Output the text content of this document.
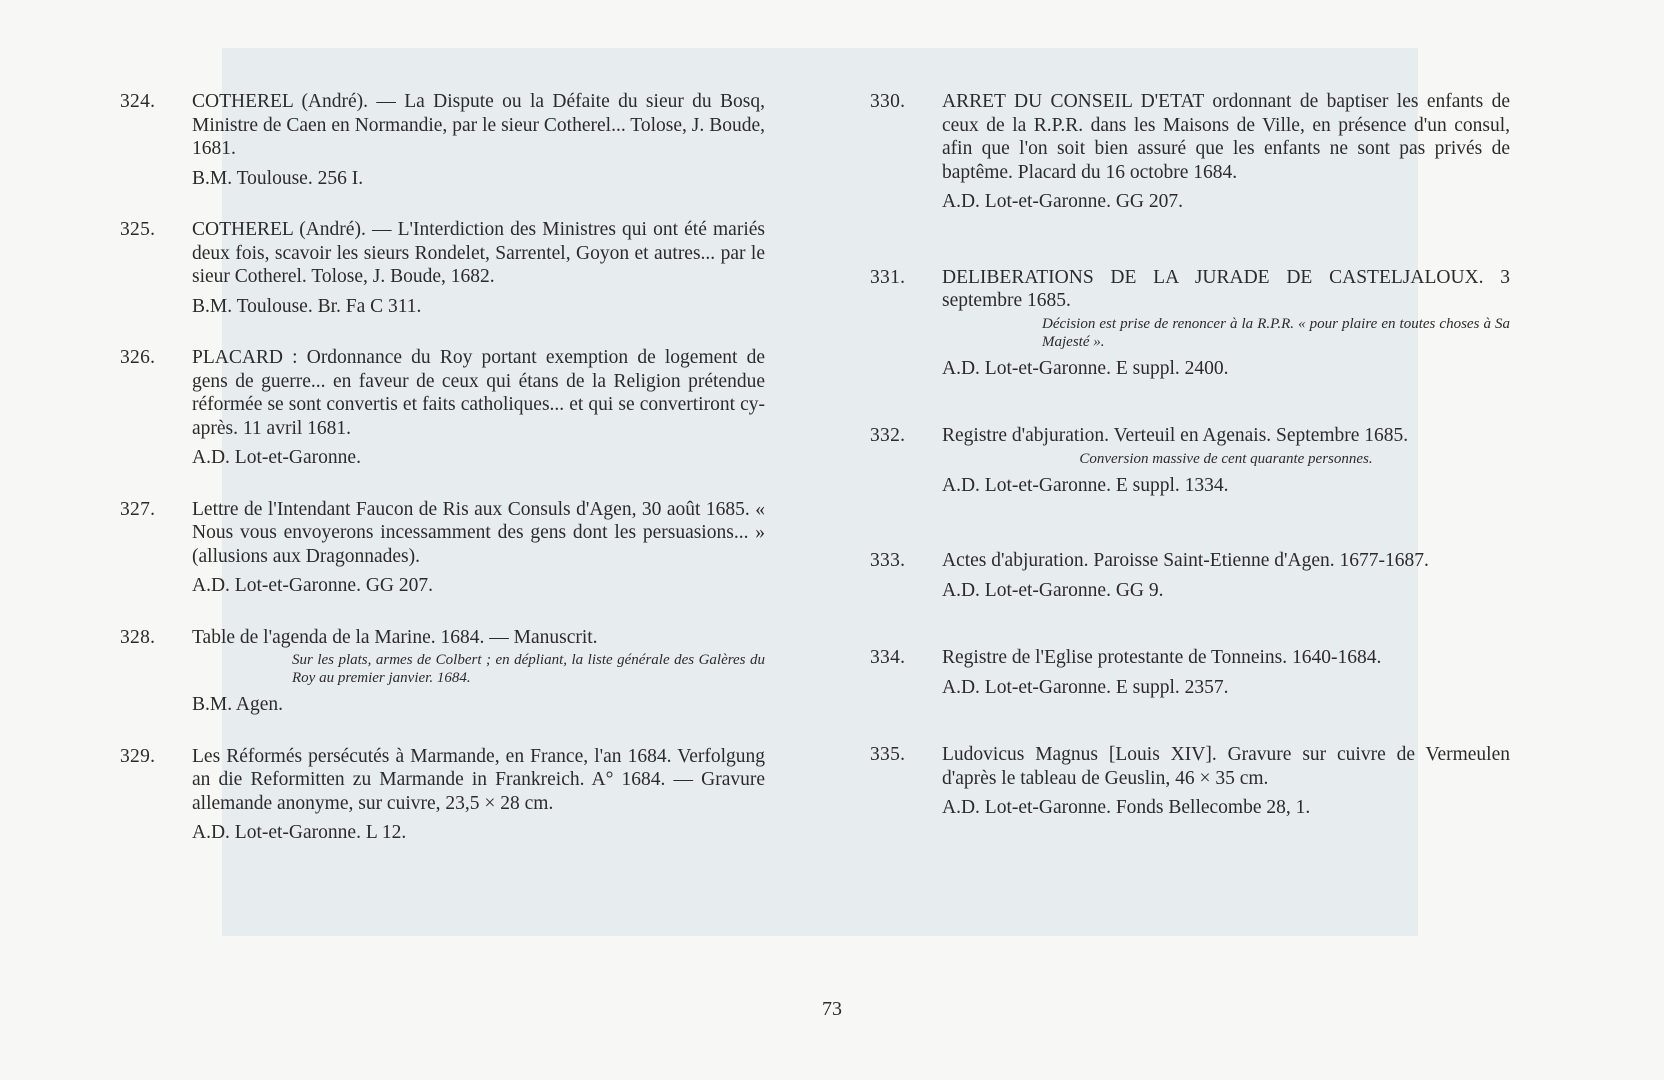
324. COTHEREL (André). — La Dispute ou la Défaite du sieur du Bosq, Ministre de Caen en Normandie, par le sieur Cotherel... Tolose, J. Boude, 1681.
B.M. Toulouse. 256 I.
325. COTHEREL (André). — L'Interdiction des Ministres qui ont été mariés deux fois, scavoir les sieurs Rondelet, Sarrentel, Goyon et autres... par le sieur Cotherel. Tolose, J. Boude, 1682.
B.M. Toulouse. Br. Fa C 311.
326. PLACARD : Ordonnance du Roy portant exemption de logement de gens de guerre... en faveur de ceux qui étans de la Religion prétendue réformée se sont convertis et faits catholiques... et qui se convertiront cy-après. 11 avril 1681.
A.D. Lot-et-Garonne.
327. Lettre de l'Intendant Faucon de Ris aux Consuls d'Agen, 30 août 1685. « Nous vous envoyerons incessamment des gens dont les persuasions... » (allusions aux Dragonnades).
A.D. Lot-et-Garonne. GG 207.
328. Table de l'agenda de la Marine. 1684. — Manuscrit.
Sur les plats, armes de Colbert ; en dépliant, la liste générale des Galères du Roy au premier janvier. 1684.
B.M. Agen.
329. Les Réformés persécutés à Marmande, en France, l'an 1684. Verfolgung an die Reformitten zu Marmande in Frankreich. A° 1684. — Gravure allemande anonyme, sur cuivre, 23,5 × 28 cm.
A.D. Lot-et-Garonne. L 12.
330. ARRET DU CONSEIL D'ETAT ordonnant de baptiser les enfants de ceux de la R.P.R. dans les Maisons de Ville, en présence d'un consul, afin que l'on soit bien assuré que les enfants ne sont pas privés de baptême. Placard du 16 octobre 1684.
A.D. Lot-et-Garonne. GG 207.
331. DELIBERATIONS DE LA JURADE DE CASTELJALOUX. 3 septembre 1685.
Décision est prise de renoncer à la R.P.R. « pour plaire en toutes choses à Sa Majesté ».
A.D. Lot-et-Garonne. E suppl. 2400.
332. Registre d'abjuration. Verteuil en Agenais. Septembre 1685.
Conversion massive de cent quarante personnes.
A.D. Lot-et-Garonne. E suppl. 1334.
333. Actes d'abjuration. Paroisse Saint-Etienne d'Agen. 1677-1687.
A.D. Lot-et-Garonne. GG 9.
334. Registre de l'Eglise protestante de Tonneins. 1640-1684.
A.D. Lot-et-Garonne. E suppl. 2357.
335. Ludovicus Magnus [Louis XIV]. Gravure sur cuivre de Vermeulen d'après le tableau de Geuslin, 46 × 35 cm.
A.D. Lot-et-Garonne. Fonds Bellecombe 28, 1.
73
